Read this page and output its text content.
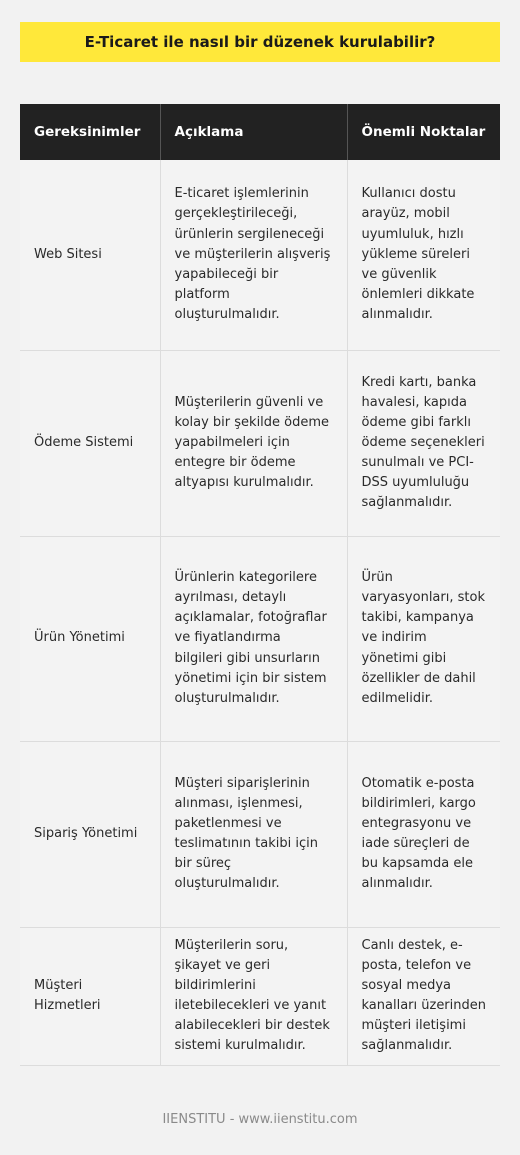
E-Ticaret ile nasıl bir düzenek kurulabilir?
Gereksinimler	Açıklama	Önemli Noktalar
Web Sitesi	E-ticaret işlemlerinin gerçekleştirileceği, ürünlerin sergileneceği ve müşterilerin alışveriş yapabileceği bir platform oluşturulmalıdır.	Kullanıcı dostu arayüz, mobil uyumluluk, hızlı yükleme süreleri ve güvenlik önlemleri dikkate alınmalıdır.
Ödeme Sistemi	Müşterilerin güvenli ve kolay bir şekilde ödeme yapabilmeleri için entegre bir ödeme altyapısı kurulmalıdır.	Kredi kartı, banka havalesi, kapıda ödeme gibi farklı ödeme seçenekleri sunulmalı ve PCI-DSS uyumluluğu sağlanmalıdır.
Ürün Yönetimi	Ürünlerin kategorilere ayrılması, detaylı açıklamalar, fotoğraflar ve fiyatlandırma bilgileri gibi unsurların yönetimi için bir sistem oluşturulmalıdır.	Ürün varyasyonları, stok takibi, kampanya ve indirim yönetimi gibi özellikler de dahil edilmelidir.
Sipariş Yönetimi	Müşteri siparişlerinin alınması, işlenmesi, paketlenmesi ve teslimatının takibi için bir süreç oluşturulmalıdır.	Otomatik e-posta bildirimleri, kargo entegrasyonu ve iade süreçleri de bu kapsamda ele alınmalıdır.
Müşteri Hizmetleri	Müşterilerin soru, şikayet ve geri bildirimlerini iletebilecekleri ve yanıt alabilecekleri bir destek sistemi kurulmalıdır.	Canlı destek, e-posta, telefon ve sosyal medya kanalları üzerinden müşteri iletişimi sağlanmalıdır.
IIENSTITU - www.iienstitu.com
